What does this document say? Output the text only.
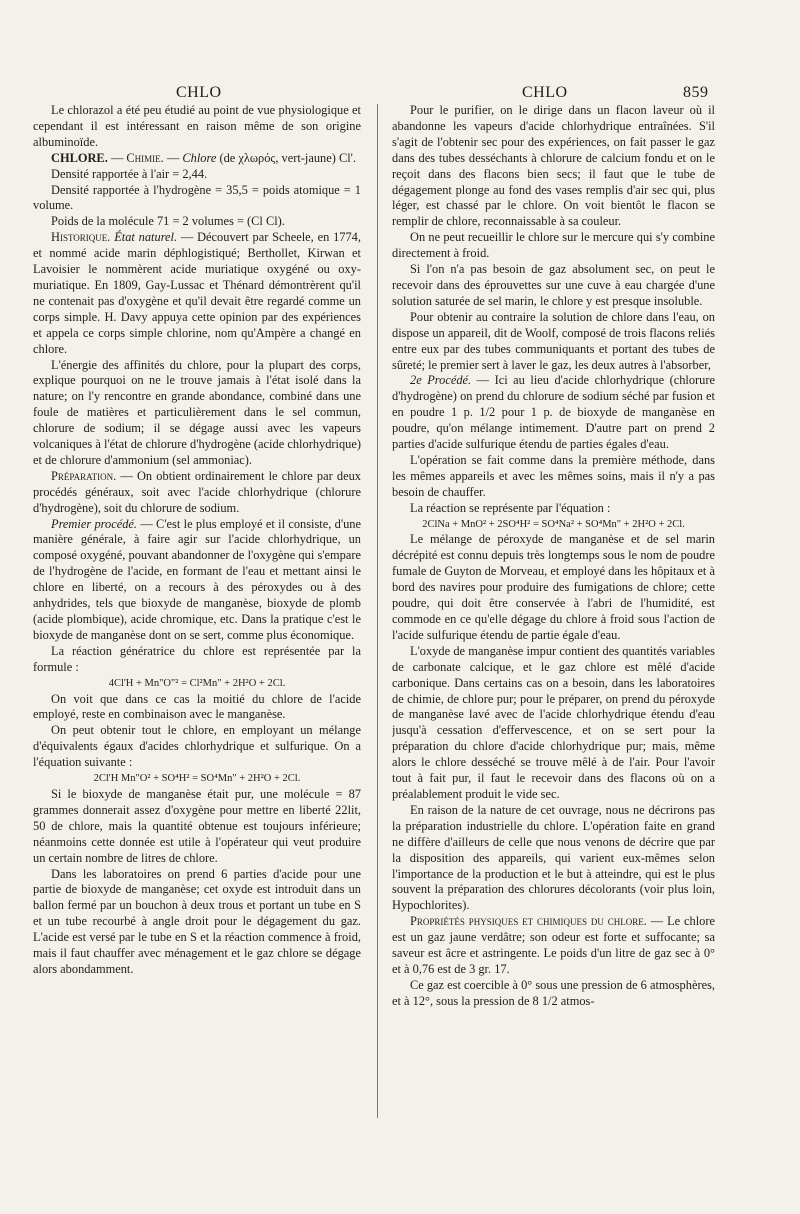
CHLO	CHLO	859

Le chlorazol a été peu étudié au point de vue physiologique et cependant il est intéressant en raison même de son origine albuminoïde.

CHLORE. — Chimie. — Chlore (de χλωρός, vert-jaune) Cl'.

Densité rapportée à l'air = 2,44.

Densité rapportée à l'hydrogène = 35,5 = poids atomique = 1 volume.

Poids de la molécule 71 = 2 volumes = (Cl Cl).

Historique. État naturel. — Découvert par Scheele, en 1774, et nommé acide marin déphlogistiqué; Berthollet, Kirwan et Lavoisier le nommèrent acide muriatique oxygéné ou oxy-muriatique. En 1809, Gay-Lussac et Thénard démontrèrent qu'il ne contenait pas d'oxygène et qu'il devait être regardé comme un corps simple. H. Davy appuya cette opinion par des expériences et appela ce corps simple chlorine, nom qu'Ampère a changé en chlore.

L'énergie des affinités du chlore, pour la plupart des corps, explique pourquoi on ne le trouve jamais à l'état isolé dans la nature; on l'y rencontre en grande abondance, combiné dans une foule de matières et particulièrement dans le sel commun, chlorure de sodium; il se dégage aussi avec les vapeurs volcaniques à l'état de chlorure d'hydrogène (acide chlorhydrique) et de chlorure d'ammonium (sel ammoniac).

Préparation. — On obtient ordinairement le chlore par deux procédés généraux, soit avec l'acide chlorhydrique (chlorure d'hydrogène), soit du chlorure de sodium.

Premier procédé. — C'est le plus employé et il consiste, d'une manière générale, à faire agir sur l'acide chlorhydrique, un composé oxygéné, pouvant abandonner de l'oxygène qui s'empare de l'hydrogène de l'acide, en formant de l'eau et mettant ainsi le chlore en liberté, on a recours à des péroxydes ou à des anhydrides, tels que bioxyde de manganèse, bioxyde de plomb (acide plombique), acide chromique, etc. Dans la pratique c'est le bioxyde de manganèse dont on se sert, comme plus économique.

La réaction génératrice du chlore est représentée par la formule :

4Cl'H + Mn"O"² = Cl²Mn" + 2H²O + 2Cl.

On voit que dans ce cas la moitié du chlore de l'acide employé, reste en combinaison avec le manganèse.

On peut obtenir tout le chlore, en employant un mélange d'équivalents égaux d'acides chlorhydrique et sulfurique. On a l'équation suivante :

2Cl'H Mn"O² + SO⁴H² = SO⁴Mn" + 2H²O + 2Cl.

Si le bioxyde de manganèse était pur, une molécule = 87 grammes donnerait assez d'oxygène pour mettre en liberté 22lit, 50 de chlore, mais la quantité obtenue est toujours inférieure; néanmoins cette donnée est utile à l'opérateur qui veut produire un certain nombre de litres de chlore.

Dans les laboratoires on prend 6 parties d'acide pour une partie de bioxyde de manganèse; cet oxyde est introduit dans un ballon fermé par un bouchon à deux trous et portant un tube en S et un tube recourbé à angle droit pour le dégagement du gaz. L'acide est versé par le tube en S et la réaction commence à froid, mais il faut chauffer avec ménagement et le gaz chlore se dégage alors abondamment.

Pour le purifier, on le dirige dans un flacon laveur où il abandonne les vapeurs d'acide chlorhydrique entraînées. S'il s'agit de l'obtenir sec pour des expériences, on fait passer le gaz dans des tubes desséchants à chlorure de calcium fondu et on le reçoit dans des flacons bien secs; il faut que le tube de dégagement plonge au fond des vases remplis d'air sec qui, plus léger, est chassé par le chlore. On voit bientôt le flacon se remplir de chlore, reconnaissable à sa couleur.

On ne peut recueillir le chlore sur le mercure qui s'y combine directement à froid.

Si l'on n'a pas besoin de gaz absolument sec, on peut le recevoir dans des éprouvettes sur une cuve à eau chargée d'une solution saturée de sel marin, le chlore y est presque insoluble.

Pour obtenir au contraire la solution de chlore dans l'eau, on dispose un appareil, dit de Woolf, composé de trois flacons reliés entre eux par des tubes communiquants et portant des tubes de sûreté; le premier sert à laver le gaz, les deux autres à l'absorber,

2e Procédé. — Ici au lieu d'acide chlorhydrique (chlorure d'hydrogène) on prend du chlorure de sodium séché par fusion et en poudre 1 p. 1/2 pour 1 p. de bioxyde de manganèse en poudre, qu'on mélange intimement. D'autre part on prend 2 parties d'acide sulfurique étendu de parties égales d'eau.

L'opération se fait comme dans la première méthode, dans les mêmes appareils et avec les mêmes soins, mais il n'y a pas besoin de chauffer.

La réaction se représente par l'équation :

2ClNa + MnO² + 2SO⁴H² = SO⁴Na² + SO⁴Mn" + 2H²O + 2Cl.

Le mélange de péroxyde de manganèse et de sel marin décrépité est connu depuis très longtemps sous le nom de poudre fumale de Guyton de Morveau, et employé dans les hôpitaux et à bord des navires pour produire des fumigations de chlore; cette poudre, qui doit être conservée à l'abri de l'humidité, est commode en ce qu'elle dégage du chlore à froid sous l'action de l'acide sulfurique étendu de partie égale d'eau.

L'oxyde de manganèse impur contient des quantités variables de carbonate calcique, et le gaz chlore est mêlé d'acide carbonique. Dans certains cas on a besoin, dans les laboratoires de chimie, de chlore pur; pour le préparer, on prend du péroxyde de manganèse lavé avec de l'acide chlorhydrique étendu d'eau jusqu'à cessation d'effervescence, et on se sert pour la préparation du chlore d'acide chlorhydrique pur; mais, même alors le chlore desséché se trouve mêlé à de l'air. Pour l'avoir tout à fait pur, il faut le recevoir dans des flacons où on a préalablement produit le vide sec.

En raison de la nature de cet ouvrage, nous ne décrirons pas la préparation industrielle du chlore. L'opération faite en grand ne diffère d'ailleurs de celle que nous venons de décrire que par la disposition des appareils, qui varient eux-mêmes selon l'importance de la production et le but à atteindre, qui est le plus souvent la préparation des chlorures décolorants (voir plus loin, Hypochlorites).

Propriétés physiques et chimiques du chlore. — Le chlore est un gaz jaune verdâtre; son odeur est forte et suffocante; sa saveur est âcre et astringente. Le poids d'un litre de gaz sec à 0° et à 0,76 est de 3 gr. 17.

Ce gaz est coercible à 0° sous une pression de 6 atmosphères, et à 12°, sous la pression de 8 1/2 atmos-
